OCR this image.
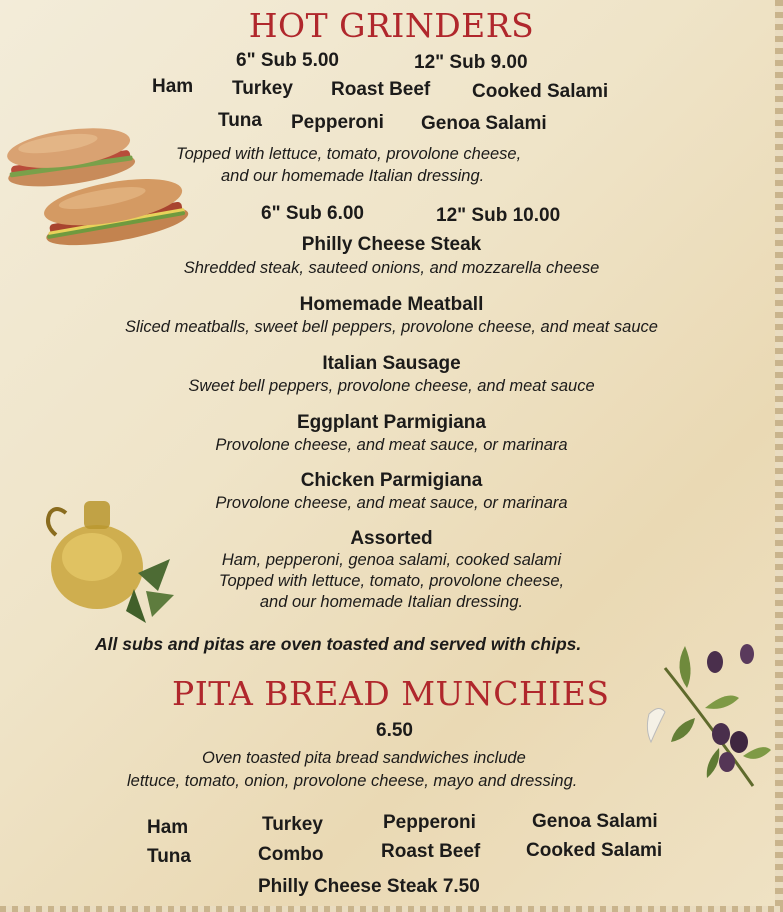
HOT GRINDERS
6" Sub 5.00	12" Sub 9.00
Ham Turkey Roast Beef Cooked Salami
Tuna Pepperoni Genoa Salami
Topped with lettuce, tomato, provolone cheese,
and our homemade Italian dressing.
6" Sub 6.00	12" Sub 10.00
Philly Cheese Steak
Shredded steak, sauteed onions, and mozzarella cheese
Homemade Meatball
Sliced meatballs, sweet bell peppers, provolone cheese, and meat sauce
Italian Sausage
Sweet bell peppers, provolone cheese, and meat sauce
Eggplant Parmigiana
Provolone cheese, and meat sauce, or marinara
Chicken Parmigiana
Provolone cheese, and meat sauce, or marinara
Assorted
Ham, pepperoni, genoa salami, cooked salami
Topped with lettuce, tomato, provolone cheese,
and our homemade Italian dressing.
All subs and pitas are oven toasted and served with chips.
PITA BREAD MUNCHIES
6.50
Oven toasted pita bread sandwiches include
lettuce, tomato, onion, provolone cheese, mayo and dressing.
Ham
Tuna
Turkey
Combo
Pepperoni
Roast Beef
Genoa Salami
Cooked Salami
Philly Cheese Steak 7.50
